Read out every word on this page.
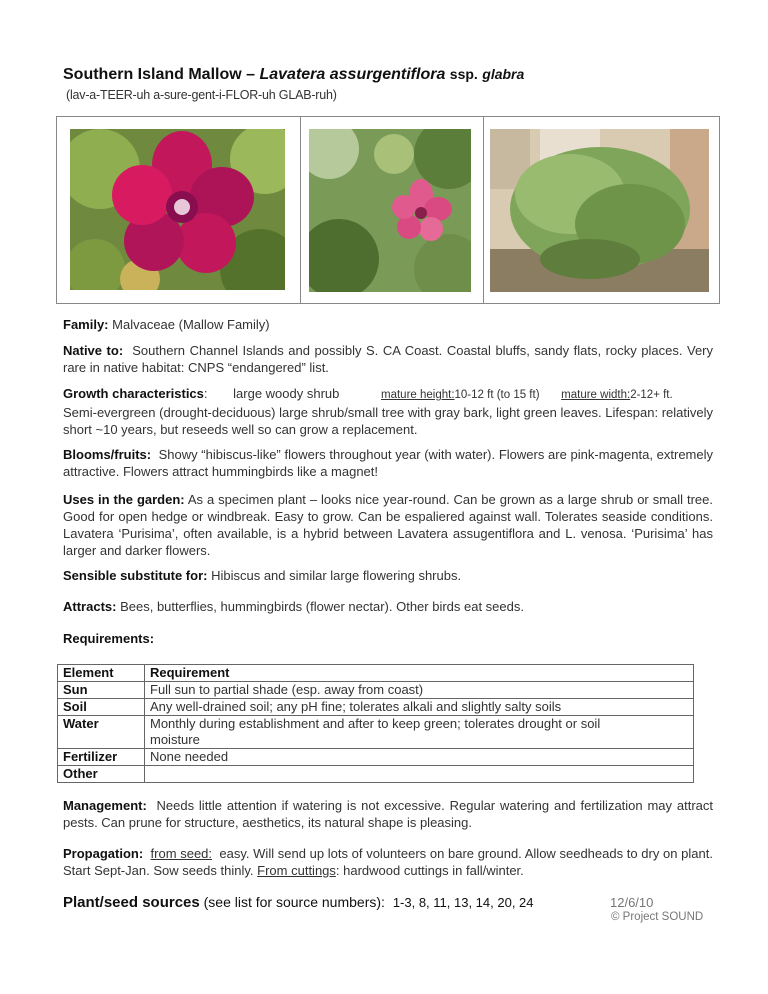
Southern Island Mallow – Lavatera assurgentiflora ssp. glabra
(lav-a-TEER-uh a-sure-gent-i-FLOR-uh GLAB-ruh)
Family: Malvaceae (Mallow Family)
Native to: Southern Channel Islands and possibly S. CA Coast. Coastal bluffs, sandy flats, rocky places. Very rare in native habitat: CNPS “endangered” list.
Growth characteristics: large woody shrub	mature height:10-12 ft (to 15 ft) mature width:2-12+ ft.
Semi-evergreen (drought-deciduous) large shrub/small tree with gray bark, light green leaves. Lifespan: relatively short ~10 years, but reseeds well so can grow a replacement.
Blooms/fruits: Showy “hibiscus-like” flowers throughout year (with water). Flowers are pink-magenta, extremely attractive. Flowers attract hummingbirds like a magnet!
Uses in the garden: As a specimen plant – looks nice year-round. Can be grown as a large shrub or small tree. Good for open hedge or windbreak. Easy to grow. Can be espaliered against wall. Tolerates seaside conditions. Lavatera ‘Purisima’, often available, is a hybrid between Lavatera assugentiflora and L. venosa. ‘Purisima’ has larger and darker flowers.
Sensible substitute for: Hibiscus and similar large flowering shrubs.
Attracts: Bees, butterflies, hummingbirds (flower nectar). Other birds eat seeds.
Requirements:
Element	Requirement
Sun	Full sun to partial shade (esp. away from coast)
Soil	Any well-drained soil; any pH fine; tolerates alkali and slightly salty soils
Water	Monthly during establishment and after to keep green; tolerates drought or soil moisture
Fertilizer	None needed
Other	
Management: Needs little attention if watering is not excessive. Regular watering and fertilization may attract pests. Can prune for structure, aesthetics, its natural shape is pleasing.
Propagation: from seed: easy. Will send up lots of volunteers on bare ground. Allow seedheads to dry on plant. Start Sept-Jan. Sow seeds thinly. From cuttings: hardwood cuttings in fall/winter.
Plant/seed sources (see list for source numbers): 1-3, 8, 11, 13, 14, 20, 24	12/6/10
© Project SOUND
